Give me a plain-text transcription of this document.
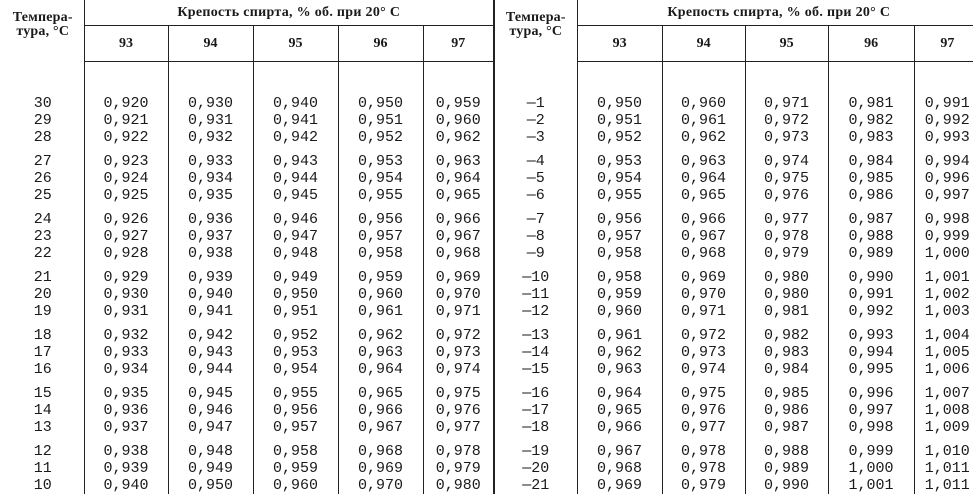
Темпера-
тура, °С	Крепость спирта, % об. при 20° С					Темпера-
тура, °С	Крепость спирта, % об. при 20° С				
	93	94	95	96	97		93	94	95	96	97

30	0,920	0,930	0,940	0,950	0,959	—1	0,950	0,960	0,971	0,981	0,991
29	0,921	0,931	0,941	0,951	0,960	—2	0,951	0,961	0,972	0,982	0,992
28	0,922	0,932	0,942	0,952	0,962	—3	0,952	0,962	0,973	0,983	0,993

27	0,923	0,933	0,943	0,953	0,963	—4	0,953	0,963	0,974	0,984	0,994
26	0,924	0,934	0,944	0,954	0,964	—5	0,954	0,964	0,975	0,985	0,996
25	0,925	0,935	0,945	0,955	0,965	—6	0,955	0,965	0,976	0,986	0,997

24	0,926	0,936	0,946	0,956	0,966	—7	0,956	0,966	0,977	0,987	0,998
23	0,927	0,937	0,947	0,957	0,967	—8	0,957	0,967	0,978	0,988	0,999
22	0,928	0,938	0,948	0,958	0,968	—9	0,958	0,968	0,979	0,989	1,000

21	0,929	0,939	0,949	0,959	0,969	—10	0,958	0,969	0,980	0,990	1,001
20	0,930	0,940	0,950	0,960	0,970	—11	0,959	0,970	0,980	0,991	1,002
19	0,931	0,941	0,951	0,961	0,971	—12	0,960	0,971	0,981	0,992	1,003

18	0,932	0,942	0,952	0,962	0,972	—13	0,961	0,972	0,982	0,993	1,004
17	0,933	0,943	0,953	0,963	0,973	—14	0,962	0,973	0,983	0,994	1,005
16	0,934	0,944	0,954	0,964	0,974	—15	0,963	0,974	0,984	0,995	1,006

15	0,935	0,945	0,955	0,965	0,975	—16	0,964	0,975	0,985	0,996	1,007
14	0,936	0,946	0,956	0,966	0,976	—17	0,965	0,976	0,986	0,997	1,008
13	0,937	0,947	0,957	0,967	0,977	—18	0,966	0,977	0,987	0,998	1,009

12	0,938	0,948	0,958	0,968	0,978	—19	0,967	0,978	0,988	0,999	1,010
11	0,939	0,949	0,959	0,969	0,979	—20	0,968	0,978	0,989	1,000	1,011
10	0,940	0,950	0,960	0,970	0,980	—21	0,969	0,979	0,990	1,001	1,011
